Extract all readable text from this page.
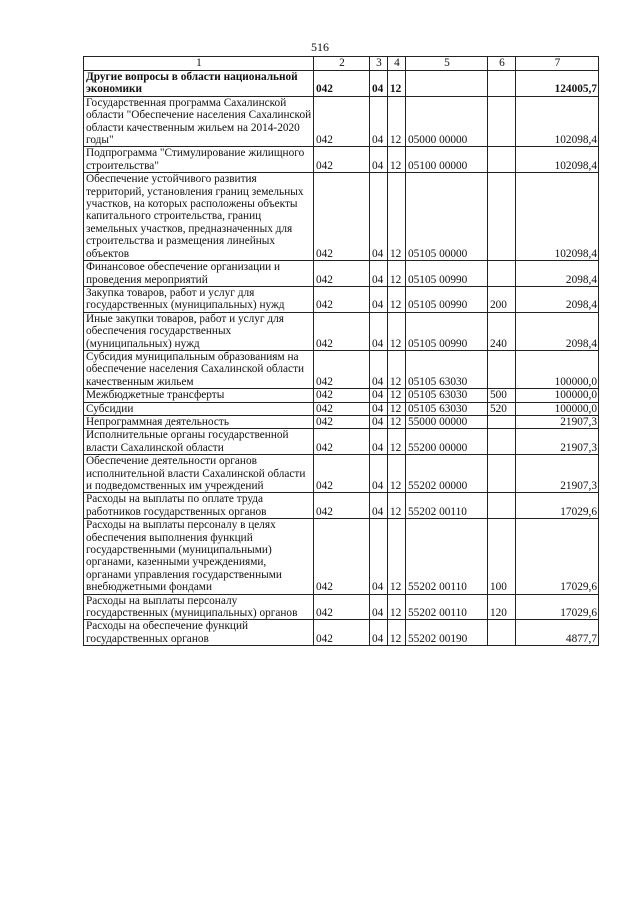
516
1	2	3	4	5	6	7
Другие вопросы в области национальной экономики	042	04	12			124005,7
Государственная программа Сахалинской области "Обеспечение населения Сахалинской области качественным жильем на 2014-2020 годы"	042	04	12	05000 00000		102098,4
Подпрограмма "Стимулирование жилищного строительства"	042	04	12	05100 00000		102098,4
Обеспечение устойчивого развития территорий, установления границ земельных участков, на которых расположены объекты капитального строительства, границ земельных участков, предназначенных для строительства и размещения линейных объектов	042	04	12	05105 00000		102098,4
Финансовое обеспечение организации и проведения мероприятий	042	04	12	05105 00990		2098,4
Закупка товаров, работ и услуг для государственных (муниципальных) нужд	042	04	12	05105 00990	200	2098,4
Иные закупки товаров, работ и услуг для обеспечения государственных (муниципальных) нужд	042	04	12	05105 00990	240	2098,4
Субсидия муниципальным образованиям на обеспечение населения Сахалинской области качественным жильем	042	04	12	05105 63030		100000,0
Межбюджетные трансферты	042	04	12	05105 63030	500	100000,0
Субсидии	042	04	12	05105 63030	520	100000,0
Непрограммная деятельность	042	04	12	55000 00000		21907,3
Исполнительные органы государственной власти Сахалинской области	042	04	12	55200 00000		21907,3
Обеспечение деятельности органов исполнительной власти Сахалинской области и подведомственных им учреждений	042	04	12	55202 00000		21907,3
Расходы на выплаты по оплате труда работников государственных органов	042	04	12	55202 00110		17029,6
Расходы на выплаты персоналу в целях обеспечения выполнения функций государственными (муниципальными) органами, казенными учреждениями, органами управления государственными внебюджетными фондами	042	04	12	55202 00110	100	17029,6
Расходы на выплаты персоналу государственных (муниципальных) органов	042	04	12	55202 00110	120	17029,6
Расходы на обеспечение функций государственных органов	042	04	12	55202 00190		4877,7
